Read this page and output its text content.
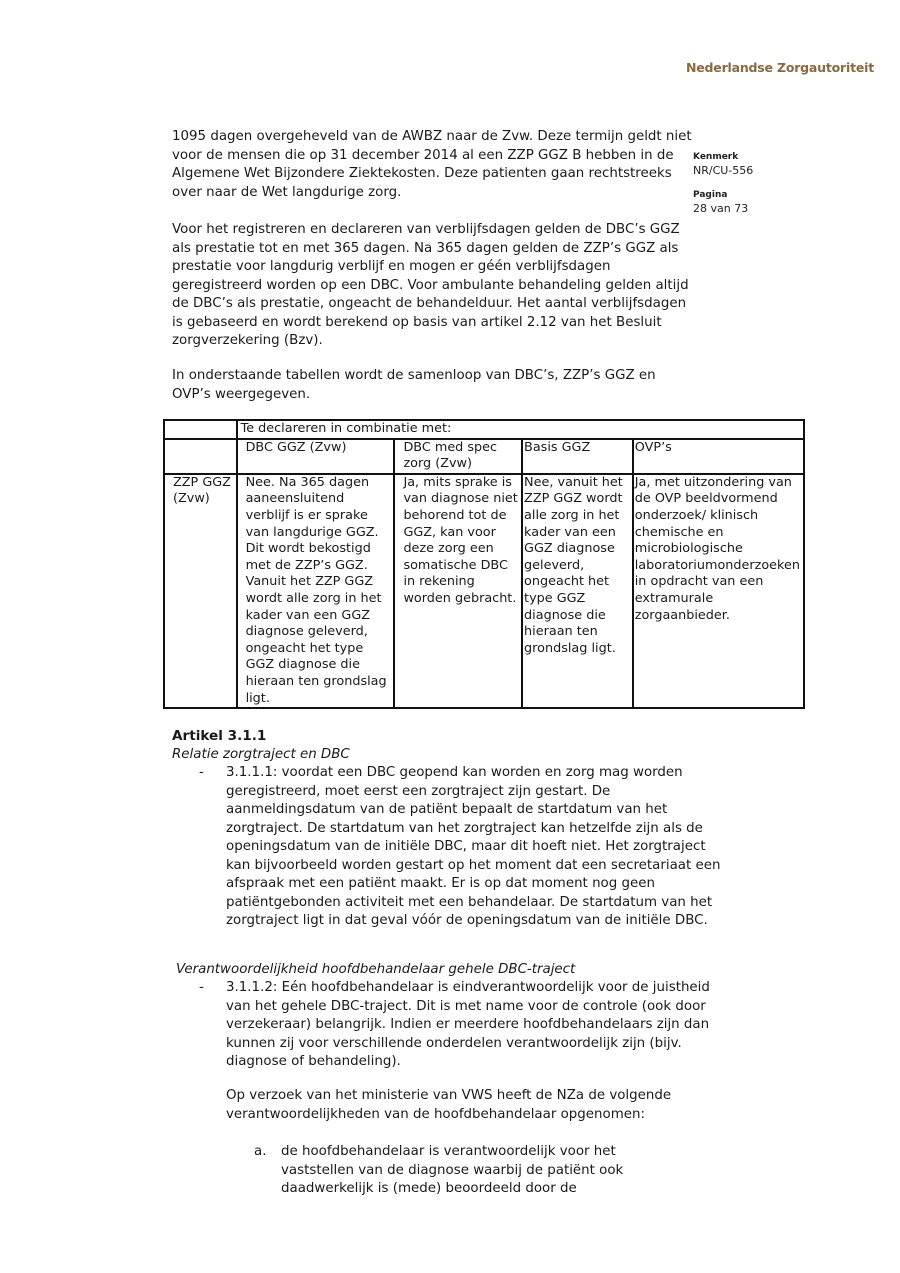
Nederlandse Zorgautoriteit
Kenmerk
NR/CU-556
Pagina
28 van 73

1095 dagen overgeheveld van de AWBZ naar de Zvw. Deze termijn geldt niet voor de mensen die op 31 december 2014 al een ZZP GGZ B hebben in de Algemene Wet Bijzondere Ziektekosten. Deze patienten gaan rechtstreeks over naar de Wet langdurige zorg.

Voor het registreren en declareren van verblijfsdagen gelden de DBC’s GGZ als prestatie tot en met 365 dagen. Na 365 dagen gelden de ZZP’s GGZ als prestatie voor langdurig verblijf en mogen er géén verblijfsdagen geregistreerd worden op een DBC. Voor ambulante behandeling gelden altijd de DBC’s als prestatie, ongeacht de behandelduur. Het aantal verblijfsdagen is gebaseerd en wordt berekend op basis van artikel 2.12 van het Besluit zorgverzekering (Bzv).

In onderstaande tabellen wordt de samenloop van DBC’s, ZZP’s GGZ en OVP’s weergegeven.

	Te declareren in combinatie met:			
	DBC GGZ (Zvw)	DBC med spec zorg (Zvw)	Basis GGZ	OVP’s
ZZP GGZ (Zvw)	Nee. Na 365 dagen aaneensluitend verblijf is er sprake van langdurige GGZ. Dit wordt bekostigd met de ZZP’s GGZ. Vanuit het ZZP GGZ wordt alle zorg in het kader van een GGZ diagnose geleverd, ongeacht het type GGZ diagnose die hieraan ten grondslag ligt.	Ja, mits sprake is van diagnose niet behorend tot de GGZ, kan voor deze zorg een somatische DBC in rekening worden gebracht.	Nee, vanuit het ZZP GGZ wordt alle zorg in het kader van een GGZ diagnose geleverd, ongeacht het type GGZ diagnose die hieraan ten grondslag ligt.	Ja, met uitzondering van de OVP beeldvormend onderzoek/ klinisch chemische en microbiologische laboratoriumonderzoeken in opdracht van een extramurale zorgaanbieder.
Artikel 3.1.1
Relatie zorgtraject en DBC
- 3.1.1.1: voordat een DBC geopend kan worden en zorg mag worden geregistreerd, moet eerst een zorgtraject zijn gestart. De aanmeldingsdatum van de patiënt bepaalt de startdatum van het zorgtraject. De startdatum van het zorgtraject kan hetzelfde zijn als de openingsdatum van de initiële DBC, maar dit hoeft niet. Het zorgtraject kan bijvoorbeeld worden gestart op het moment dat een secretariaat een afspraak met een patiënt maakt. Er is op dat moment nog geen patiëntgebonden activiteit met een behandelaar. De startdatum van het zorgtraject ligt in dat geval vóór de openingsdatum van de initiële DBC.
Verantwoordelijkheid hoofdbehandelaar gehele DBC-traject
- 3.1.1.2: Eén hoofdbehandelaar is eindverantwoordelijk voor de juistheid van het gehele DBC-traject. Dit is met name voor de controle (ook door verzekeraar) belangrijk. Indien er meerdere hoofdbehandelaars zijn dan kunnen zij voor verschillende onderdelen verantwoordelijk zijn (bijv. diagnose of behandeling).

Op verzoek van het ministerie van VWS heeft de NZa de volgende verantwoordelijkheden van de hoofdbehandelaar opgenomen:

a. de hoofdbehandelaar is verantwoordelijk voor het vaststellen van de diagnose waarbij de patiënt ook daadwerkelijk is (mede) beoordeeld door de
